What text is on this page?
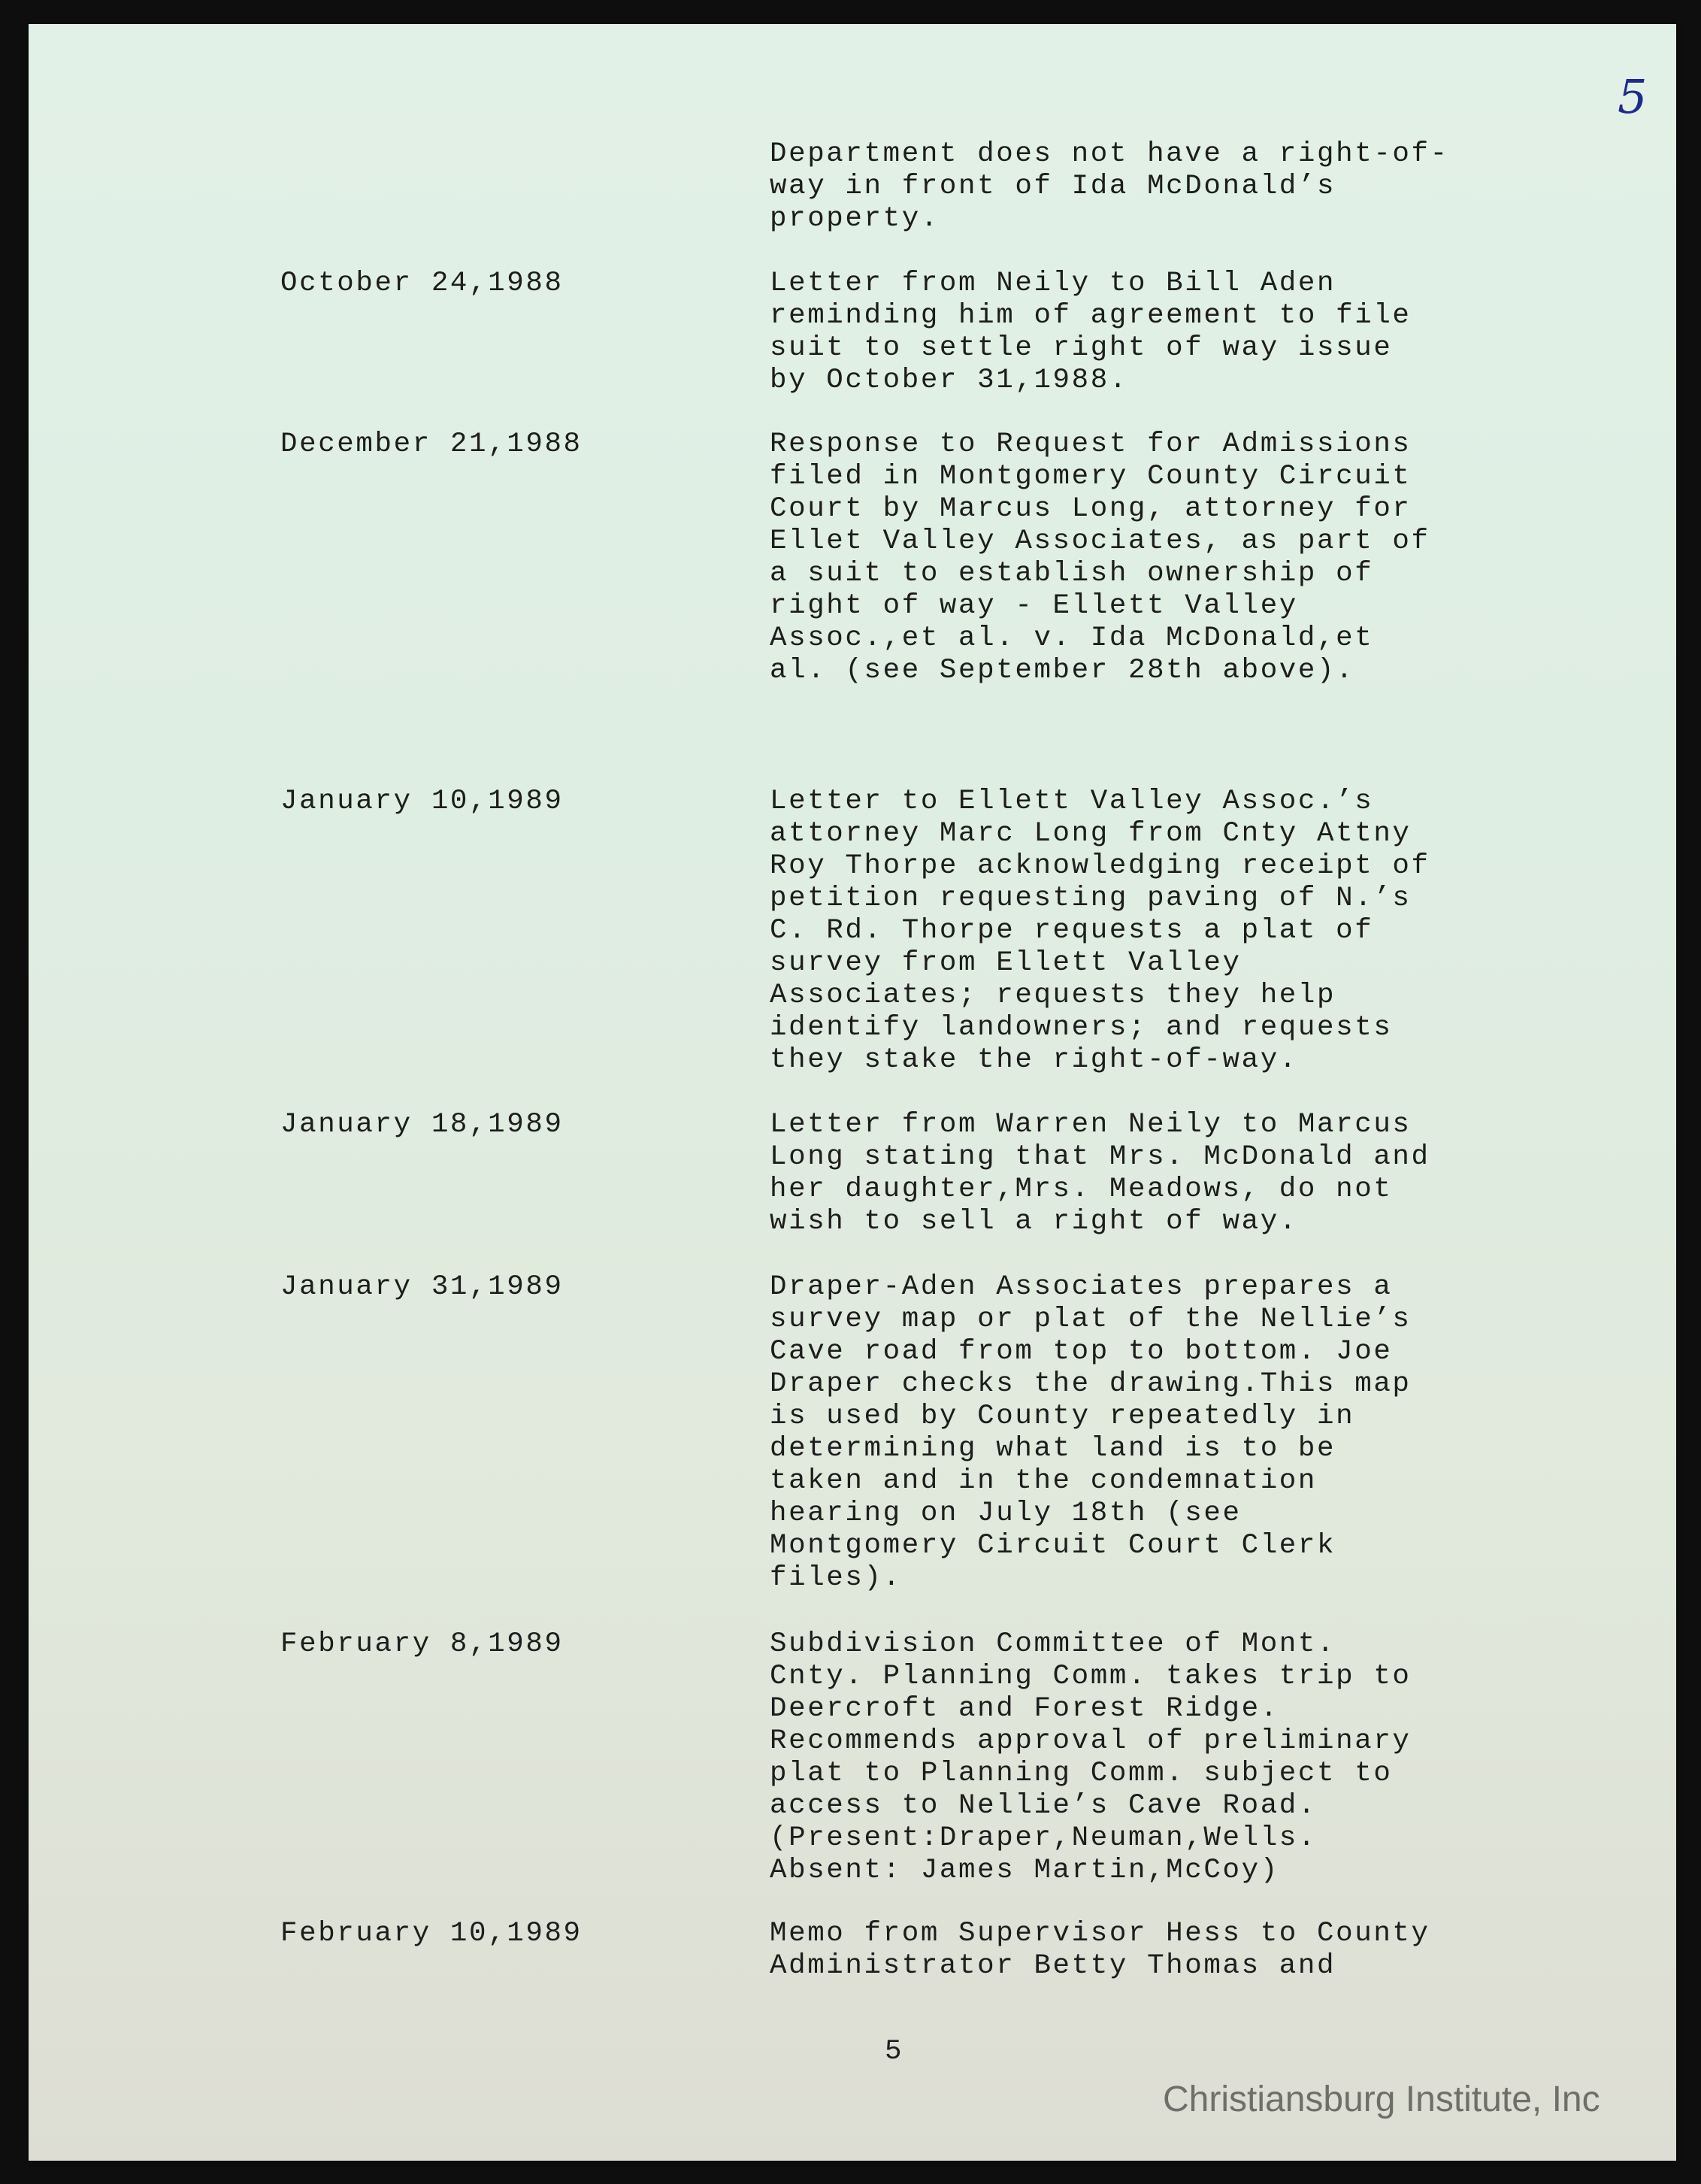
5
Department does not have a right-of-
way in front of Ida McDonald’s
property.
October 24,1988	Letter from Neily to Bill Aden
reminding him of agreement to file
suit to settle right of way issue
by October 31,1988.
December 21,1988	Response to Request for Admissions
filed in Montgomery County Circuit
Court by Marcus Long, attorney for
Ellet Valley Associates, as part of
a suit to establish ownership of
right of way - Ellett Valley
Assoc.,et al. v. Ida McDonald,et
al. (see September 28th above).
January 10,1989	Letter to Ellett Valley Assoc.’s
attorney Marc Long from Cnty Attny
Roy Thorpe acknowledging receipt of
petition requesting paving of N.’s
C. Rd. Thorpe requests a plat of
survey from Ellett Valley
Associates; requests they help
identify landowners; and requests
they stake the right-of-way.
January 18,1989	Letter from Warren Neily to Marcus
Long stating that Mrs. McDonald and
her daughter,Mrs. Meadows, do not
wish to sell a right of way.
January 31,1989	Draper-Aden Associates prepares a
survey map or plat of the Nellie’s
Cave road from top to bottom. Joe
Draper checks the drawing.This map
is used by County repeatedly in
determining what land is to be
taken and in the condemnation
hearing on July 18th (see
Montgomery Circuit Court Clerk
files).
February 8,1989	Subdivision Committee of Mont.
Cnty. Planning Comm. takes trip to
Deercroft and Forest Ridge.
Recommends approval of preliminary
plat to Planning Comm. subject to
access to Nellie’s Cave Road.
(Present:Draper,Neuman,Wells.
Absent: James Martin,McCoy)
February 10,1989	Memo from Supervisor Hess to County
Administrator Betty Thomas and
5
Christiansburg Institute, Inc
